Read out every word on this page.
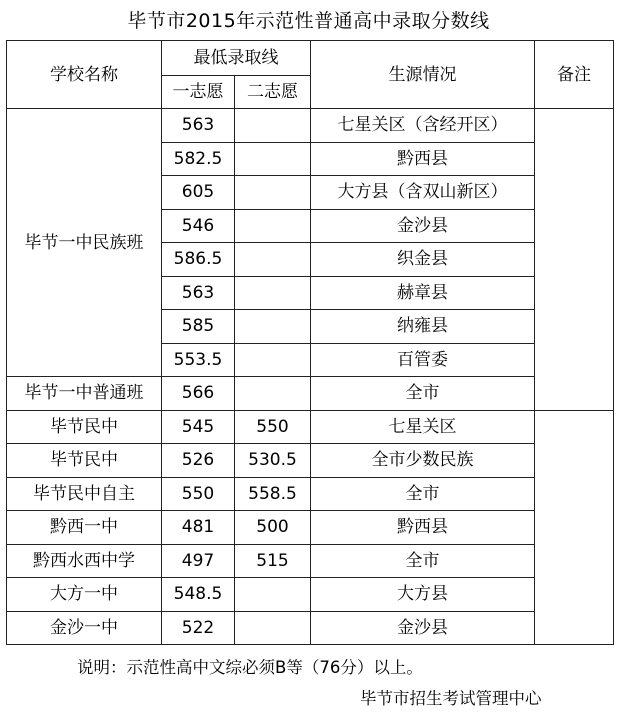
毕节市2015年示范性普通高中录取分数线
学校名称	最低录取线		生源情况	备注
	一志愿	二志愿		
毕节一中民族班	563		七星关区（含经开区）	
	582.5		黔西县	
	605		大方县（含双山新区）	
	546		金沙县	
	586.5		织金县	
	563		赫章县	
	585		纳雍县	
	553.5		百管委	
毕节一中普通班	566		全市	
毕节民中	545	550	七星关区	
毕节民中	526	530.5	全市少数民族	
毕节民中自主	550	558.5	全市	
黔西一中	481	500	黔西县	
黔西水西中学	497	515	全市	
大方一中	548.5		大方县	
金沙一中	522		金沙县	
说明：示范性高中文综必须B等（76分）以上。
毕节市招生考试管理中心
